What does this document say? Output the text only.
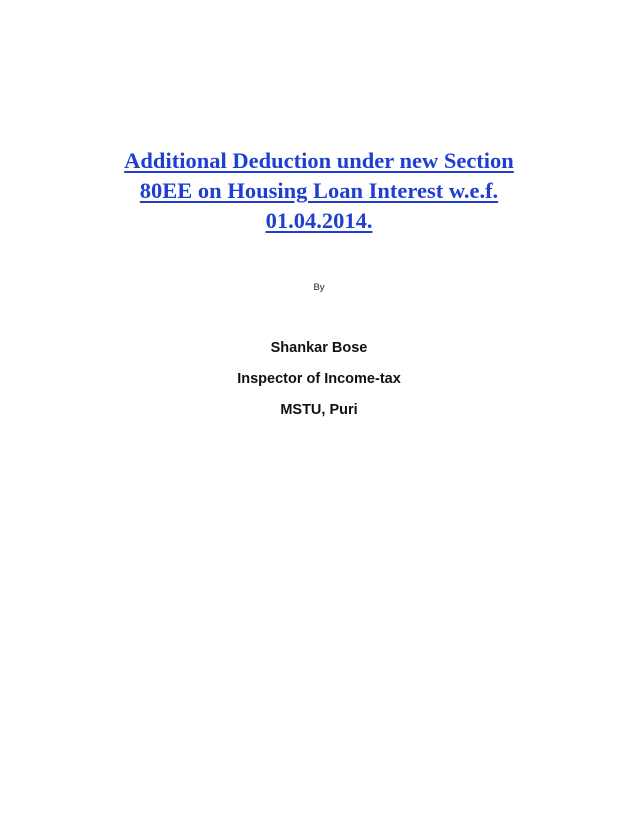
Additional Deduction under new Section
80EE on Housing Loan Interest w.e.f.
01.04.2014.
By
Shankar Bose
Inspector of Income-tax
MSTU, Puri
